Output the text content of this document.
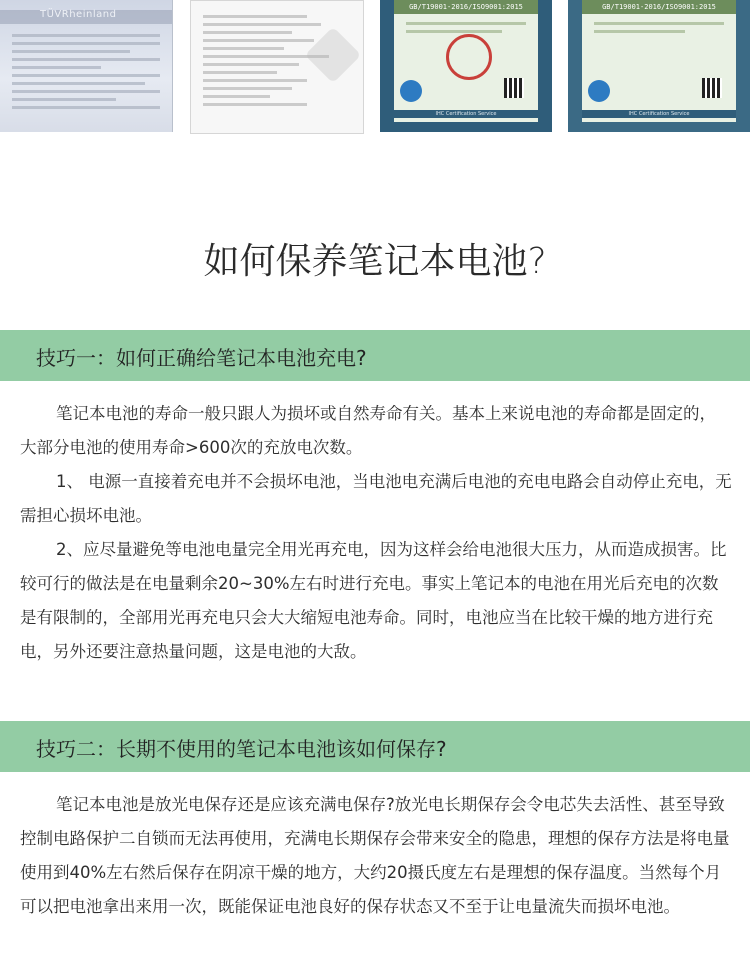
TÜVRheinland
GB/T19001-2016/ISO9001:2015
IHC Certification Service
GB/T19001-2016/ISO9001:2015
IHC Certification Service
如何保养笔记本电池?
技巧一：如何正确给笔记本电池充电?

笔记本电池的寿命一般只跟人为损坏或自然寿命有关。基本上来说电池的寿命都是固定的，大部分电池的使用寿命>600次的充放电次数。

1、 电源一直接着充电并不会损坏电池，当电池电充满后电池的充电电路会自动停止充电，无需担心损坏电池。

2、应尽量避免等电池电量完全用光再充电，因为这样会给电池很大压力，从而造成损害。比较可行的做法是在电量剩余20~30%左右时进行充电。事实上笔记本的电池在用光后充电的次数是有限制的，全部用光再充电只会大大缩短电池寿命。同时，电池应当在比较干燥的地方进行充电，另外还要注意热量问题，这是电池的大敌。

技巧二：长期不使用的笔记本电池该如何保存?

笔记本电池是放光电保存还是应该充满电保存?放光电长期保存会令电芯失去活性、甚至导致控制电路保护二自锁而无法再使用，充满电长期保存会带来安全的隐患，理想的保存方法是将电量使用到40%左右然后保存在阴凉干燥的地方，大约20摄氏度左右是理想的保存温度。当然每个月可以把电池拿出来用一次，既能保证电池良好的保存状态又不至于让电量流失而损坏电池。
